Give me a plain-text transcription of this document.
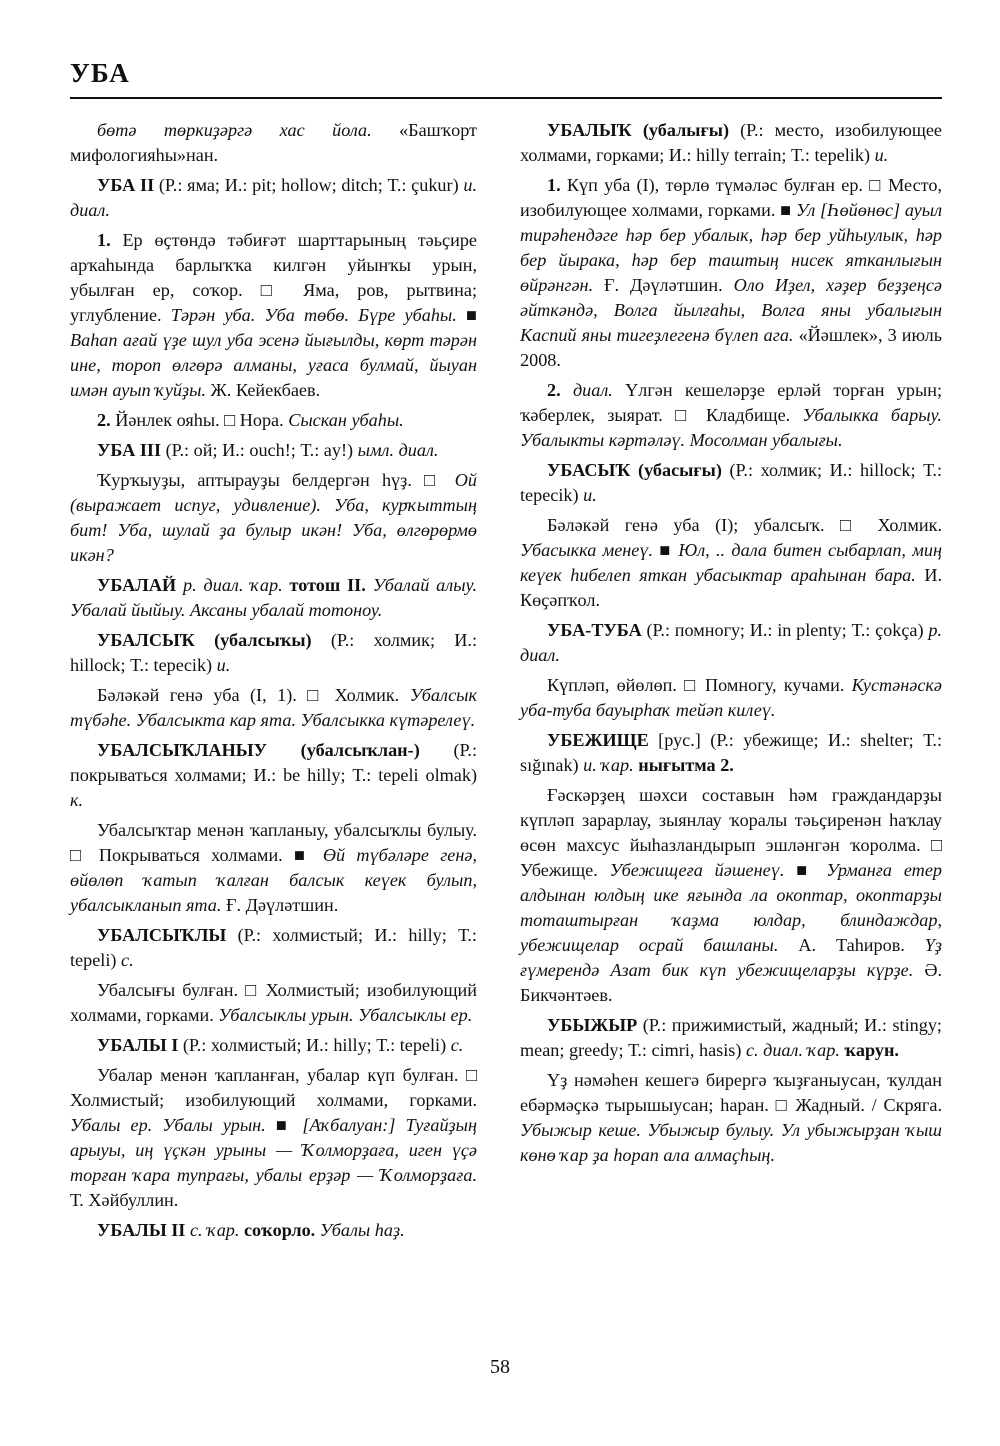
УБА

бөтә төркиҙәргә хас йола. «Башҡорт мифологияһы»нан.

УБА II (Р.: яма; И.: pit; hollow; ditch; Т.: çukur) и. диал.

1. Ер өҫтөндә тәбиғәт шарттарының тәьҫире арҡаһында барлыҡҡа килгән уйынҡы урын, убылған ер, соҡор. □ Яма, ров, рытвина; углубление. Тәрән уба. Уба төбө. Бүре убаһы. ■ Ваһап ағай үҙе шул уба эсенә йығылды, көрт тәрән ине, тороп өлгөрә алманы, уғаса булмай, йыуан имән ауып ҡуйҙы. Ж. Кейекбаев.

2. Йәнлек ояһы. □ Нора. Сыскан убаһы.

УБА III (Р.: ой; И.: ouch!; Т.: ay!) ымл. диал.

Ҡурҡыуҙы, аптырауҙы белдергән һүҙ. □ Ой (выражает испуг, удивление). Уба, курҡыттың бит! Уба, шулай ҙа булыр икән! Уба, өлгөрөрмө икән?

УБАЛАЙ р. диал. ҡар. тотош II. Убалай алыу. Убалай йыйыу. Аксаны убалай тотоноу.

УБАЛСЫҠ (убалсыҡы) (Р.: холмик; И.: hillock; Т.: tepecik) и.

Бәләкәй генә уба (I, 1). □ Холмик. Убалсык түбәһе. Убалсыкта кар ята. Убалсыкка күтәрелеү.

УБАЛСЫҠЛАНЫУ (убалсыҡлан-) (Р.: покрываться холмами; И.: be hilly; Т.: tepeli olmak) к.

Убалсыҡтар менән ҡапланыу, убалсыҡлы булыу. □ Покрываться холмами. ■ Өй түбәләре генә, өйөлөп ҡатып ҡалған балсык кеүек булып, убалсыкланып ята. Ғ. Дәүләтшин.

УБАЛСЫҠЛЫ (Р.: холмистый; И.: hilly; Т.: tepeli) с.

Убалсығы булған. □ Холмистый; изобилующий холмами, горками. Убалсыклы урын. Убалсыклы ер.

УБАЛЫ I (Р.: холмистый; И.: hilly; Т.: tepeli) с.

Убалар менән ҡапланған, убалар күп булған. □ Холмистый; изобилующий холмами, горками. Убалы ер. Убалы урын. ■ [Аҡбалуан:] Туғайҙың арыуы, иң үҫкән урыны — Ҡолморҙаға, иген үҫә торған ҡара тупрағы, убалы ерҙәр — Ҡолморҙаға. Т. Хәйбуллин.

УБАЛЫ II с. ҡар. соҡорло. Убалы һаҙ.

УБАЛЫҠ (убалығы) (Р.: место, изобилующее холмами, горками; И.: hilly terrain; Т.: tepelik) и.

1. Күп уба (I), төрлө түмәләс булған ер. □ Место, изобилующее холмами, горками. ■ Ул [Һөйөнөс] ауыл тирәһендәге һәр бер убалык, һәр бер уйһыулык, һәр бер йырака, һәр бер таштың нисек ятканлығын өйрәнгән. Ғ. Дәүләтшин. Оло Иҙел, хәҙер беҙҙеңсә әйткәндә, Волга йылғаһы, Волга яны убалығын Каспий яны тигеҙлегенә бүлеп ага. «Йәшлек», 3 июль 2008.

2. диал. Үлгән кешеләрҙе ерләй торған урын; ҡәберлек, зыярат. □ Кладбище. Убалыкка барыу. Убалыкты кәртәләү. Мосолман убалығы.

УБАСЫҠ (убасығы) (Р.: холмик; И.: hillock; Т.: tepecik) и.

Бәләкәй генә уба (I); убалсыҡ. □ Холмик. Убасыкка менеү. ■ Юл, .. дала битен сыбарлап, миң кеүек һибелеп яткан убасыктар араһынан бара. И. Көҫәпҡол.

УБА-ТУБА (Р.: помногу; И.: in plenty; Т.: çokça) р. диал.

Күпләп, өйөлөп. □ Помногу, кучами. Кустәнәскә уба-туба бауырһаҡ тейәп килеү.

УБЕЖИЩЕ [рус.] (Р.: убежище; И.: shelter; Т.: sığınak) и. ҡар. нығытма 2.

Ғәскәрҙең шәхси составын һәм граждандарҙы күпләп зарарлау, зыянлау ҡоралы тәьҫиренән һаҡлау өсөн махсус йыһазландырып эшләнгән ҡоролма. □ Убежище. Убежищеға йәшенеү. ■ Урманға етер алдынан юлдың ике яғында ла окоптар, окоптарҙы тоташтырған ҡаҙма юлдар, блиндаждар, убежищелар осрай башланы. А. Таһиров. Үҙ ғүмерендә Азат бик күп убежищеларҙы күрҙе. Ә. Бикчәнтәев.

УБЫЖЫР (Р.: прижимистый, жадный; И.: stingy; mean; greedy; Т.: cimri, hasis) с. диал. ҡар. ҡарун.

Үҙ нәмәһен кешегә бирергә ҡыҙғаныусан, ҡулдан ебәрмәҫкә тырышыусан; һаран. □ Жадный. / Скряга. Убыжыр кеше. Убыжыр булыу. Ул убыжырҙан ҡыш көнө ҡар ҙа һорап ала алмаҫһың.

58
